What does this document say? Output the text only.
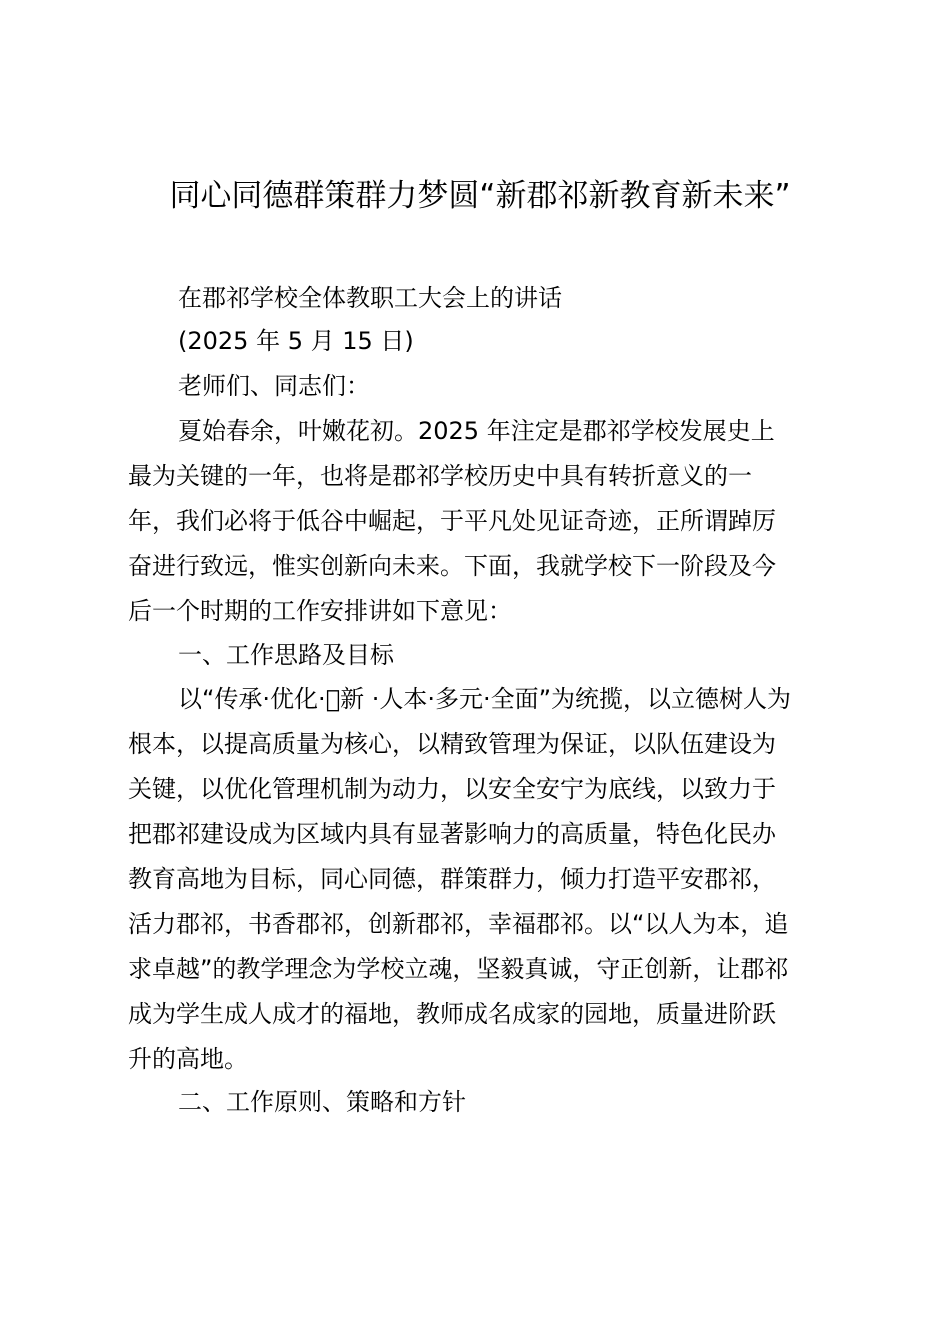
同心同德群策群力梦圆“新郡祁新教育新未来”

在郡祁学校全体教职工大会上的讲话

(2025 年 5 月 15 日)

老师们、同志们：

夏始春余，叶嫩花初。2025 年注定是郡祁学校发展史上
最为关键的一年，也将是郡祁学校历史中具有转折意义的一
年，我们必将于低谷中崛起，于平凡处见证奇迹，正所谓踔厉
奋进行致远，惟实创新向未来。下面，我就学校下一阶段及今
后一个时期的工作安排讲如下意见：

一、工作思路及目标

以“传承·优化·􀀀新 ·人本·多元·全面”为统揽，以立德树人为
根本，以提高质量为核心，以精致管理为保证，以队伍建设为
关键，以优化管理机制为动力，以安全安宁为底线，以致力于
把郡祁建设成为区域内具有显著影响力的高质量，特色化民办
教育高地为目标，同心同德，群策群力，倾力打造平安郡祁，
活力郡祁，书香郡祁，创新郡祁，幸福郡祁。以“以人为本，追
求卓越”的教学理念为学校立魂，坚毅真诚，守正创新，让郡祁
成为学生成人成才的福地，教师成名成家的园地，质量进阶跃
升的高地。

二、工作原则、策略和方针
